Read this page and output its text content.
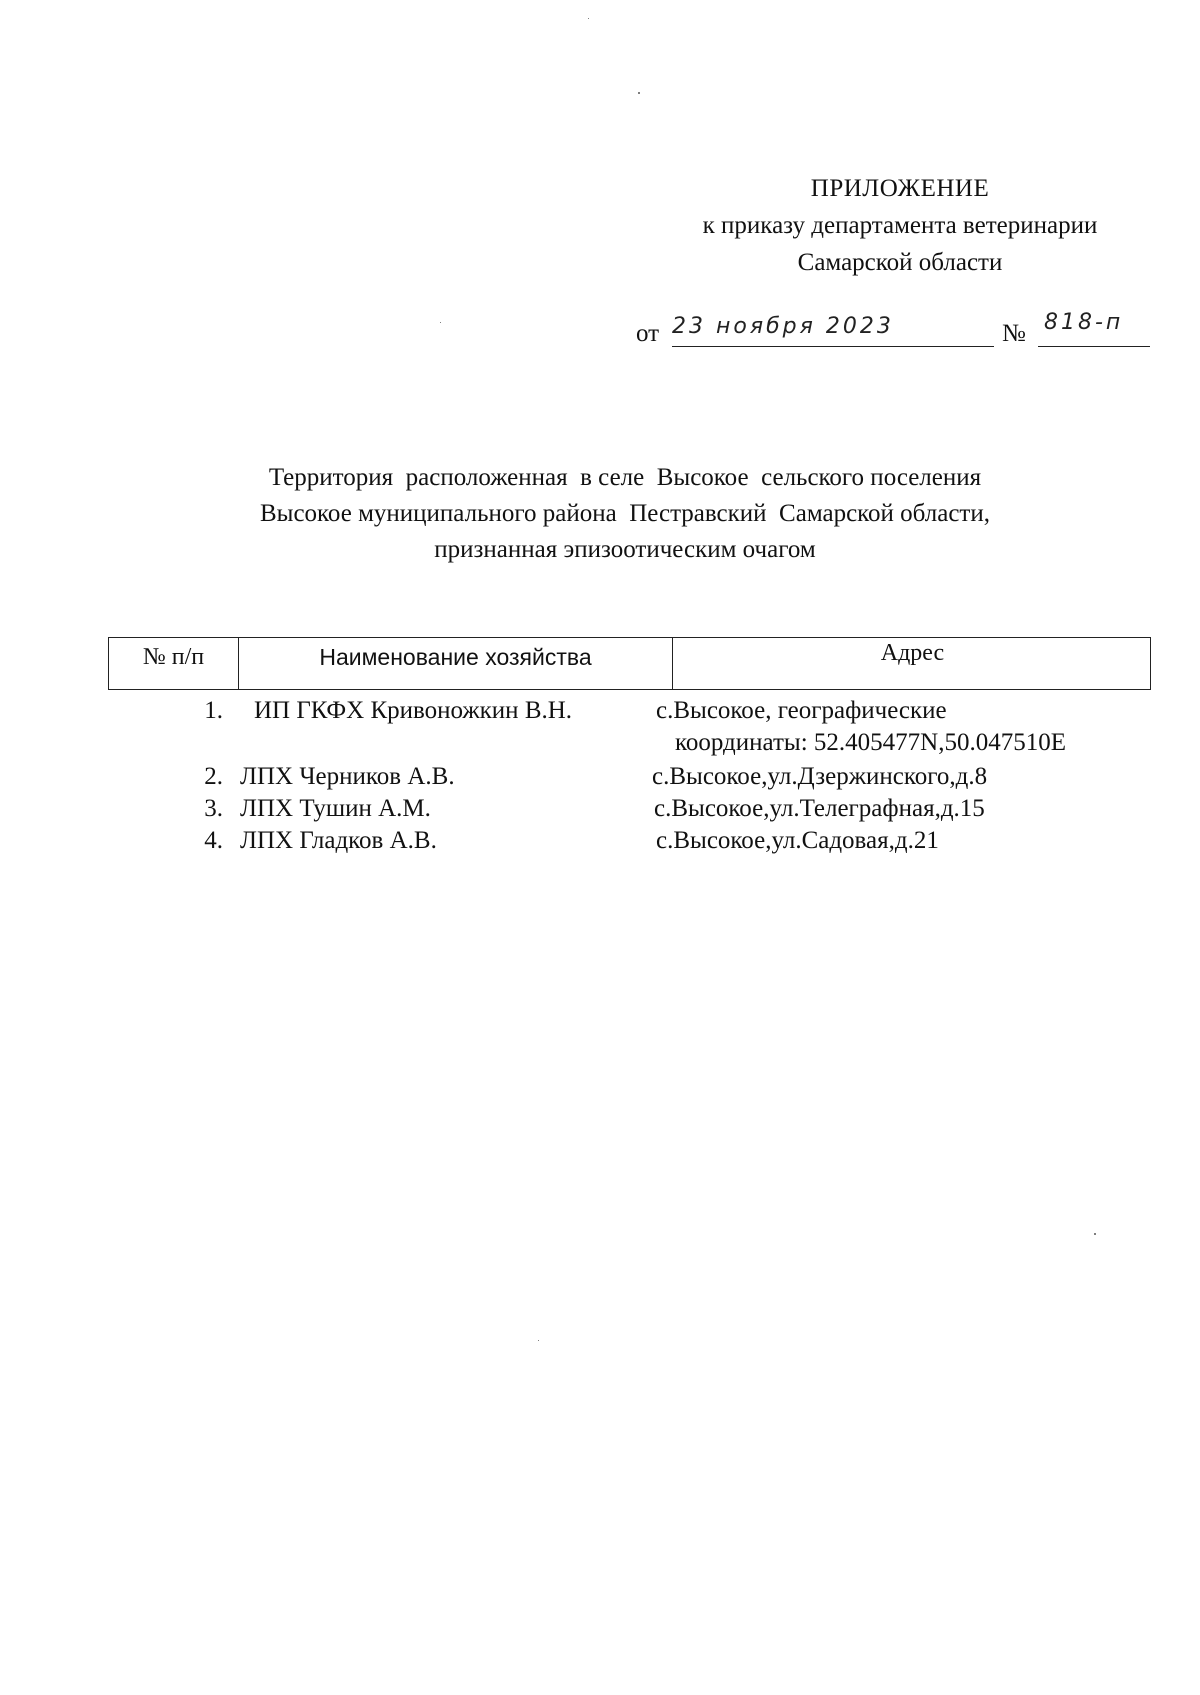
ПРИЛОЖЕНИЕ
к приказу департамента ветеринарии
Самарской области
от 23 ноября 2023	№ 818-п
Территория  расположенная  в селе  Высокое  сельского поселения
Высокое муниципального района  Пестравский  Самарской области,
признанная эпизоотическим очагом
№ п/п	Наименование хозяйства	Адрес
1. ИП ГКФХ Кривоножкин В.Н.	с.Высокое, географические
координаты: 52.405477N,50.047510E
2. ЛПХ Черников А.В.	с.Высокое,ул.Дзержинского,д.8
3. ЛПХ Тушин А.М.	с.Высокое,ул.Телеграфная,д.15
4. ЛПХ Гладков А.В.	с.Высокое,ул.Садовая,д.21
